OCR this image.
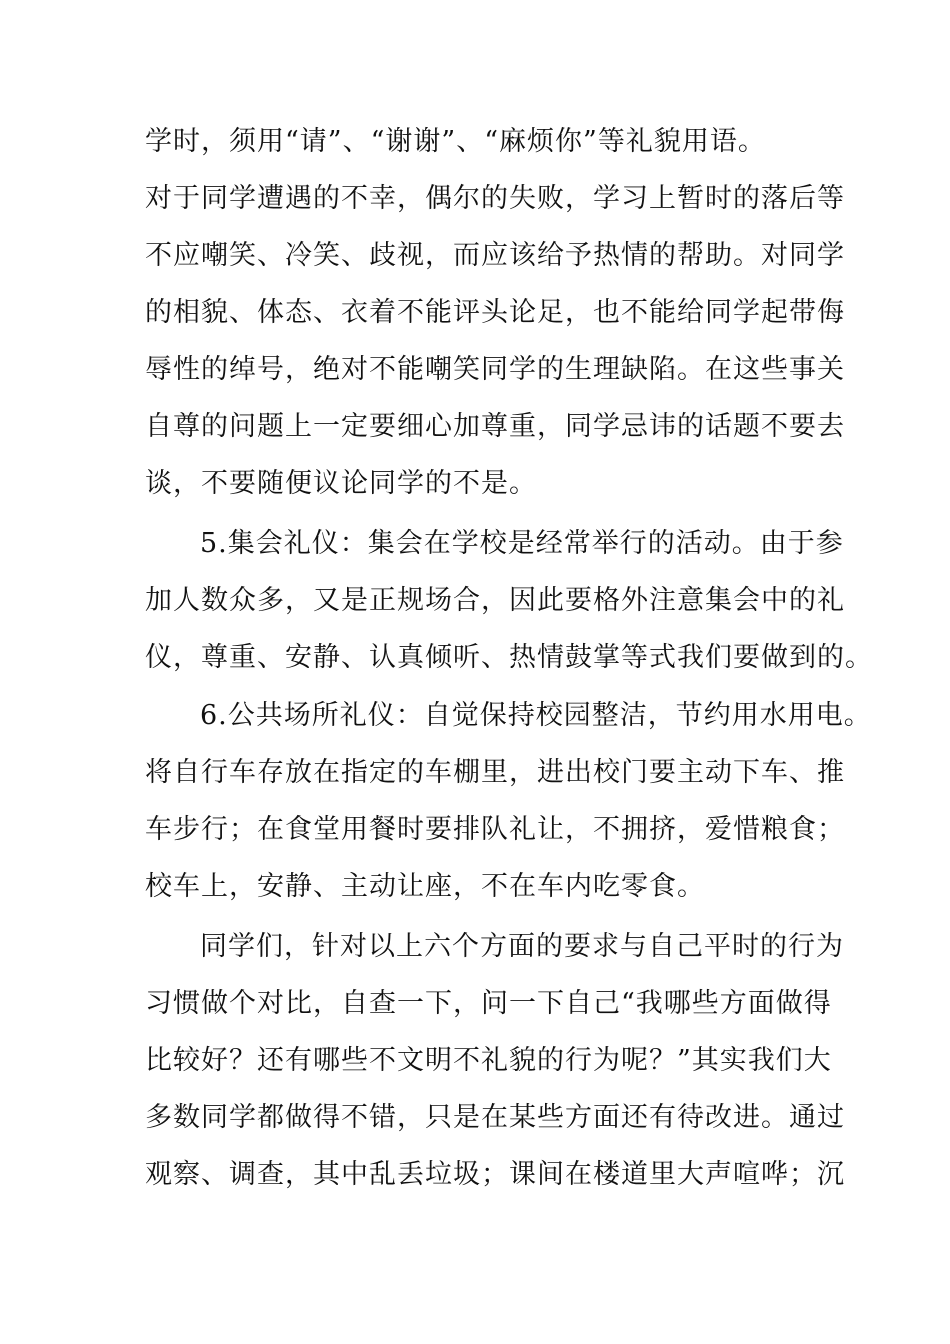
学时，须用“请”、“谢谢”、“麻烦你”等礼貌用语。

对于同学遭遇的不幸，偶尔的失败，学习上暂时的落后等

不应嘲笑、冷笑、歧视，而应该给予热情的帮助。对同学

的相貌、体态、衣着不能评头论足，也不能给同学起带侮

辱性的绰号，绝对不能嘲笑同学的生理缺陷。在这些事关

自尊的问题上一定要细心加尊重，同学忌讳的话题不要去

谈，不要随便议论同学的不是。

5.集会礼仪：集会在学校是经常举行的活动。由于参

加人数众多，又是正规场合，因此要格外注意集会中的礼

仪，尊重、安静、认真倾听、热情鼓掌等式我们要做到的。

6.公共场所礼仪：自觉保持校园整洁，节约用水用电。

将自行车存放在指定的车棚里，进出校门要主动下车、推

车步行；在食堂用餐时要排队礼让，不拥挤，爱惜粮食；

校车上，安静、主动让座，不在车内吃零食。

同学们，针对以上六个方面的要求与自己平时的行为

习惯做个对比，自查一下，问一下自己“我哪些方面做得

比较好？还有哪些不文明不礼貌的行为呢？”其实我们大

多数同学都做得不错，只是在某些方面还有待改进。通过

观察、调查，其中乱丢垃圾；课间在楼道里大声喧哗；沉
